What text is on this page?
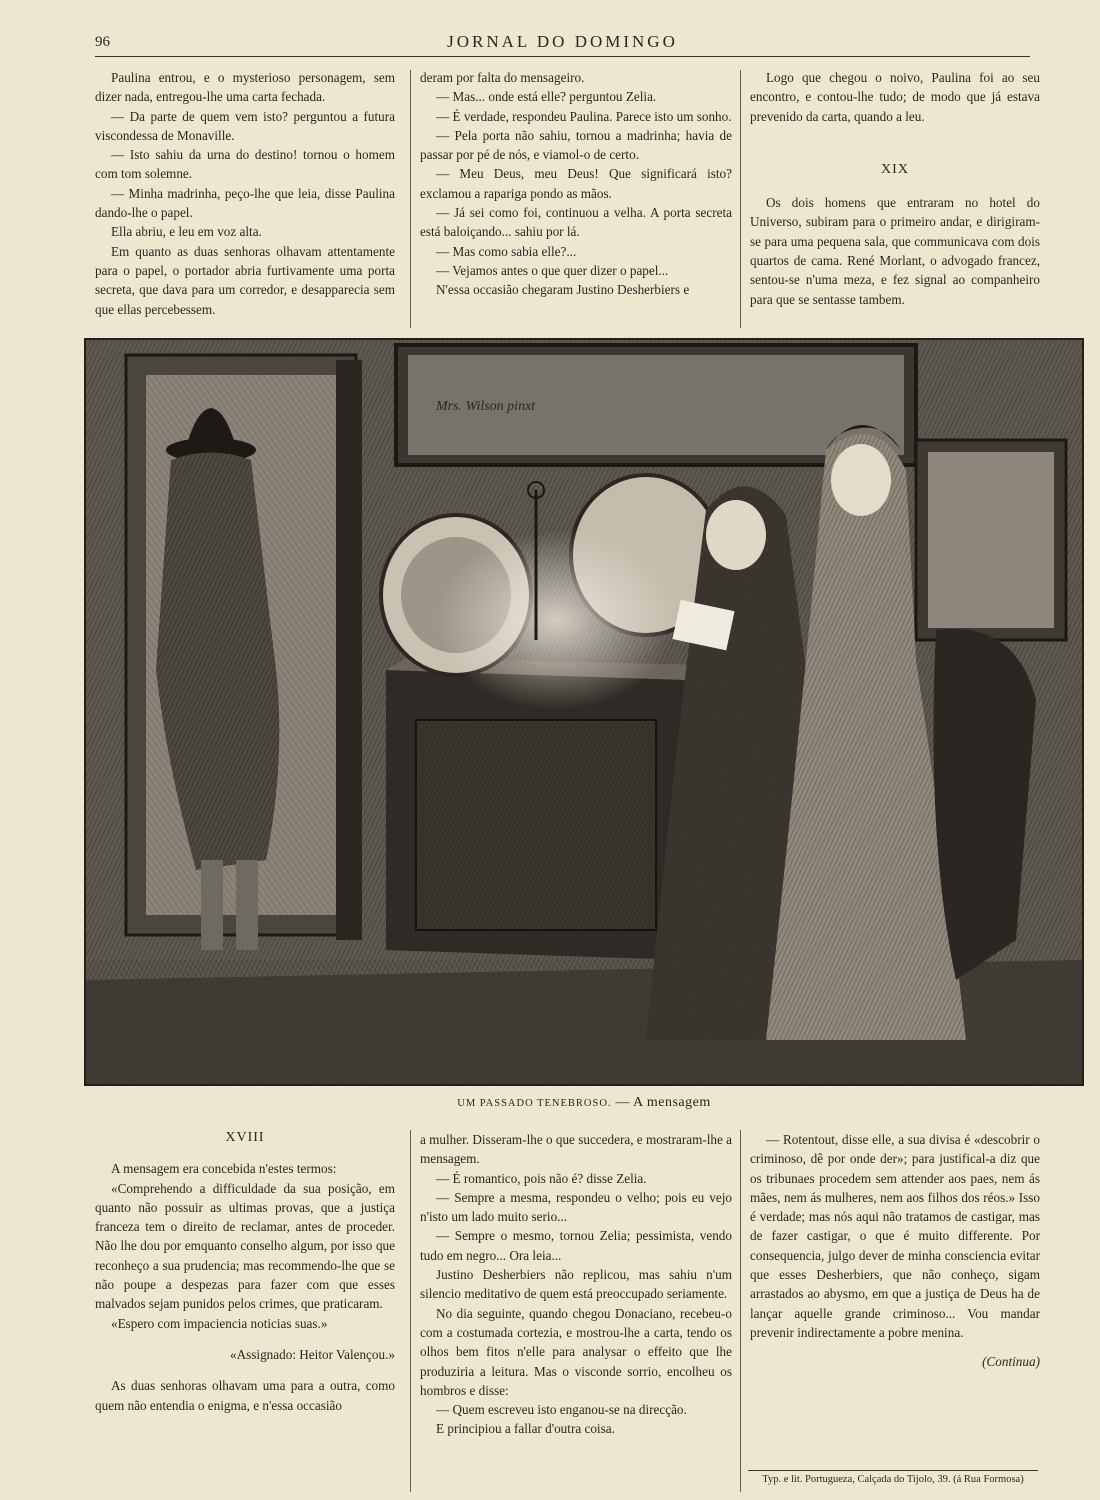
96	JORNAL DO DOMINGO

Paulina entrou, e o mysterioso personagem, sem dizer nada, entregou-lhe uma carta fechada.

— Da parte de quem vem isto? perguntou a futura viscondessa de Monaville.

— Isto sahiu da urna do destino! tornou o homem com tom solemne.

— Minha madrinha, peço-lhe que leia, disse Paulina dando-lhe o papel.

Ella abriu, e leu em voz alta.

Em quanto as duas senhoras olhavam attentamente para o papel, o portador abria furtivamente uma porta secreta, que dava para um corredor, e desapparecia sem que ellas percebessem.

deram por falta do mensageiro.

— Mas... onde está elle? perguntou Zelia.

— É verdade, respondeu Paulina. Parece isto um sonho.

— Pela porta não sahiu, tornou a madrinha; havia de passar por pé de nós, e viamol-o de certo.

— Meu Deus, meu Deus! Que significará isto? exclamou a rapariga pondo as mãos.

— Já sei como foi, continuou a velha. A porta secreta está baloiçando... sahiu por lá.

— Mas como sabia elle?...

— Vejamos antes o que quer dizer o papel...

N'essa occasião chegaram Justino Desherbiers e

Logo que chegou o noivo, Paulina foi ao seu encontro, e contou-lhe tudo; de modo que já estava prevenido da carta, quando a leu.

XIX

Os dois homens que entraram no hotel do Universo, subiram para o primeiro andar, e dirigiram-se para uma pequena sala, que communicava com dois quartos de cama. René Morlant, o advogado francez, sentou-se n'uma meza, e fez signal ao companheiro para que se sentasse tambem.

Mrs. Wilson pinxt
UM PASSADO TENEBROSO. — A mensagem
XVIII

A mensagem era concebida n'estes termos:

«Comprehendo a difficuldade da sua posição, em quanto não possuir as ultimas provas, que a justiça franceza tem o direito de reclamar, antes de proceder. Não lhe dou por emquanto conselho algum, por isso que reconheço a sua prudencia; mas recommendo-lhe que se não poupe a despezas para fazer com que esses malvados sejam punidos pelos crimes, que praticaram.

«Espero com impaciencia noticias suas.»

«Assignado: Heitor Valençou.»

As duas senhoras olhavam uma para a outra, como quem não entendia o enigma, e n'essa occasião

a mulher. Disseram-lhe o que succedera, e mostraram-lhe a mensagem.

— É romantico, pois não é? disse Zelia.

— Sempre a mesma, respondeu o velho; pois eu vejo n'isto um lado muito serio...

— Sempre o mesmo, tornou Zelia; pessimista, vendo tudo em negro... Ora leia...

Justino Desherbiers não replicou, mas sahiu n'um silencio meditativo de quem está preoccupado seriamente.

No dia seguinte, quando chegou Donaciano, recebeu-o com a costumada cortezia, e mostrou-lhe a carta, tendo os olhos bem fitos n'elle para analysar o effeito que lhe produziria a leitura. Mas o visconde sorrio, encolheu os hombros e disse:

— Quem escreveu isto enganou-se na direcção.

E principiou a fallar d'outra coisa.

— Rotentout, disse elle, a sua divisa é «descobrir o criminoso, dê por onde der»; para justifical-a diz que os tribunaes procedem sem attender aos paes, nem ás mães, nem ás mulheres, nem aos filhos dos réos.» Isso é verdade; mas nós aqui não tratamos de castigar, mas de fazer castigar, o que é muito differente. Por consequencia, julgo dever de minha consciencia evitar que esses Desherbiers, que não conheço, sigam arrastados ao abysmo, em que a justiça de Deus ha de lançar aquelle grande criminoso... Vou mandar prevenir indirectamente a pobre menina.

(Continua)

Typ. e lit. Portugueza, Calçada do Tijolo, 39. (á Rua Formosa)
